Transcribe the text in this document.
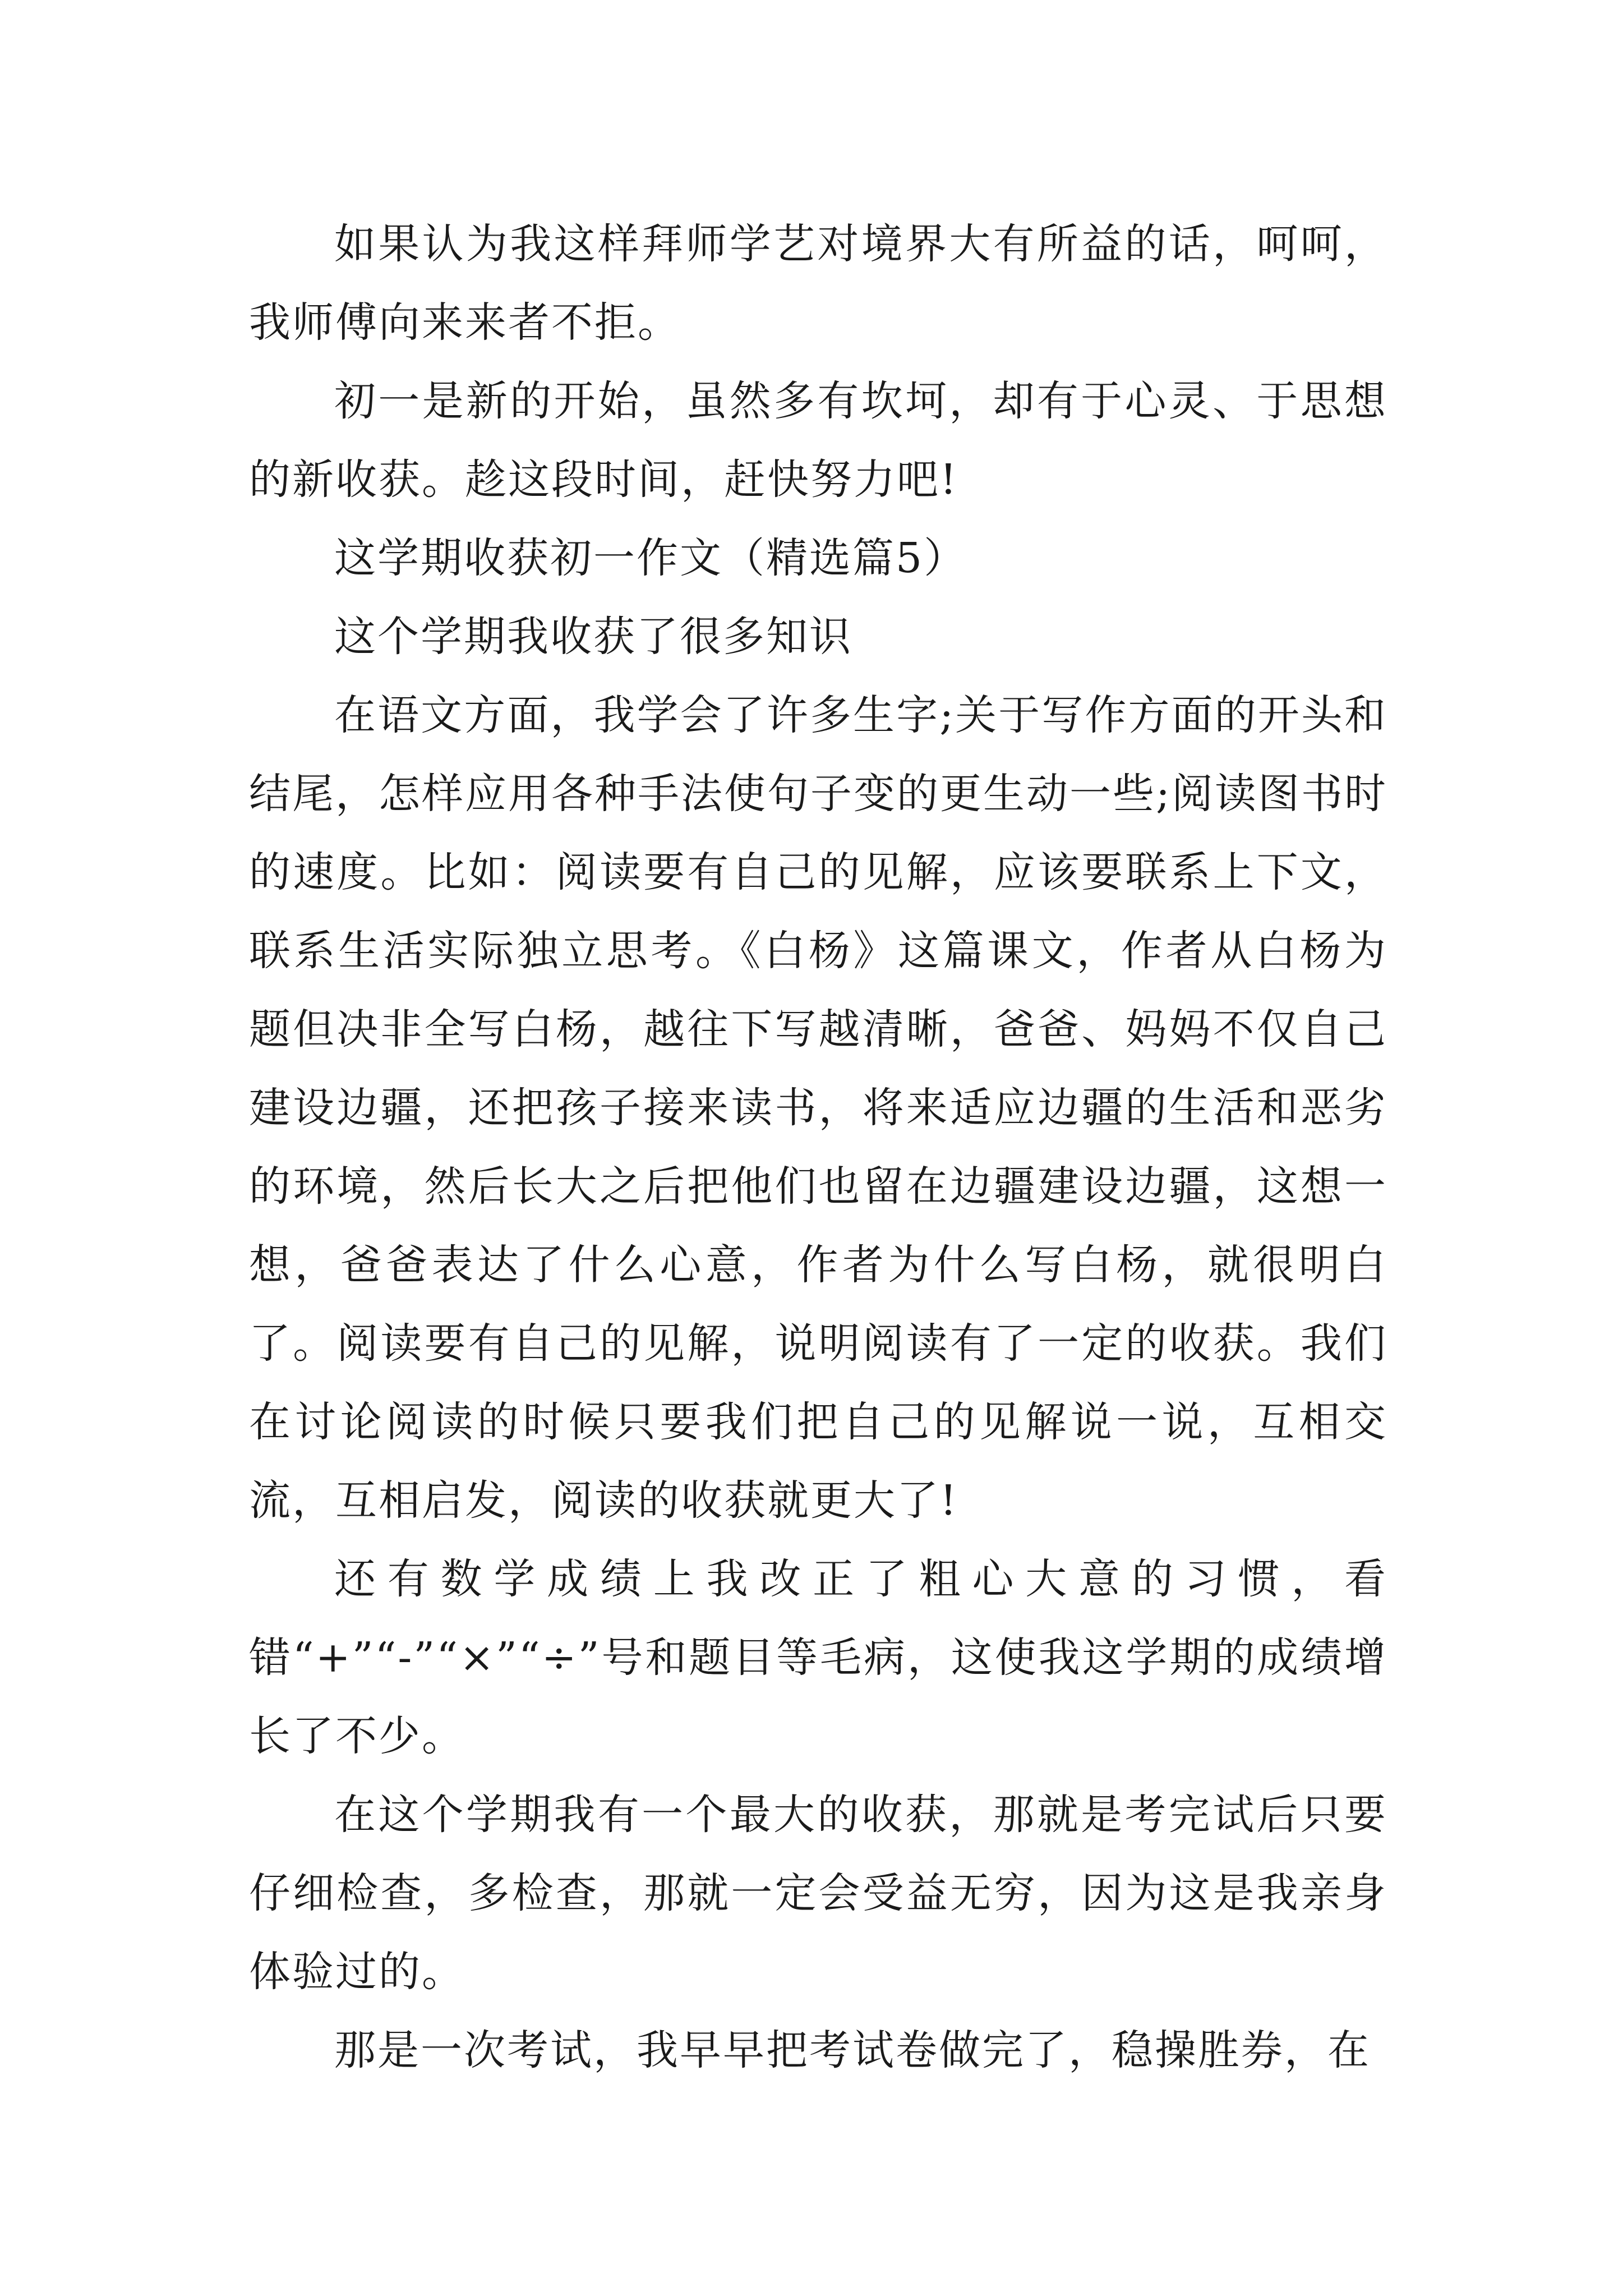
如果认为我这样拜师学艺对境界大有所益的话，呵呵，我师傅向来来者不拒。

初一是新的开始，虽然多有坎坷，却有于心灵、于思想的新收获。趁这段时间，赶快努力吧!

这学期收获初一作文（精选篇5）

这个学期我收获了很多知识

在语文方面，我学会了许多生字;关于写作方面的开头和结尾，怎样应用各种手法使句子变的更生动一些;阅读图书时的速度。比如：阅读要有自己的见解，应该要联系上下文，联系生活实际独立思考。《白杨》这篇课文，作者从白杨为题但决非全写白杨，越往下写越清晰，爸爸、妈妈不仅自己建设边疆，还把孩子接来读书，将来适应边疆的生活和恶劣的环境，然后长大之后把他们也留在边疆建设边疆，这想一想，爸爸表达了什么心意，作者为什么写白杨，就很明白了。阅读要有自己的见解，说明阅读有了一定的收获。我们在讨论阅读的时候只要我们把自己的见解说一说，互相交流，互相启发，阅读的收获就更大了!

还有数学成绩上我改正了粗心大意的习惯，看错“+”“-”“×”“÷”号和题目等毛病，这使我这学期的成绩增长了不少。

在这个学期我有一个最大的收获，那就是考完试后只要仔细检查，多检查，那就一定会受益无穷，因为这是我亲身体验过的。

那是一次考试，我早早把考试卷做完了，稳操胜券，在
